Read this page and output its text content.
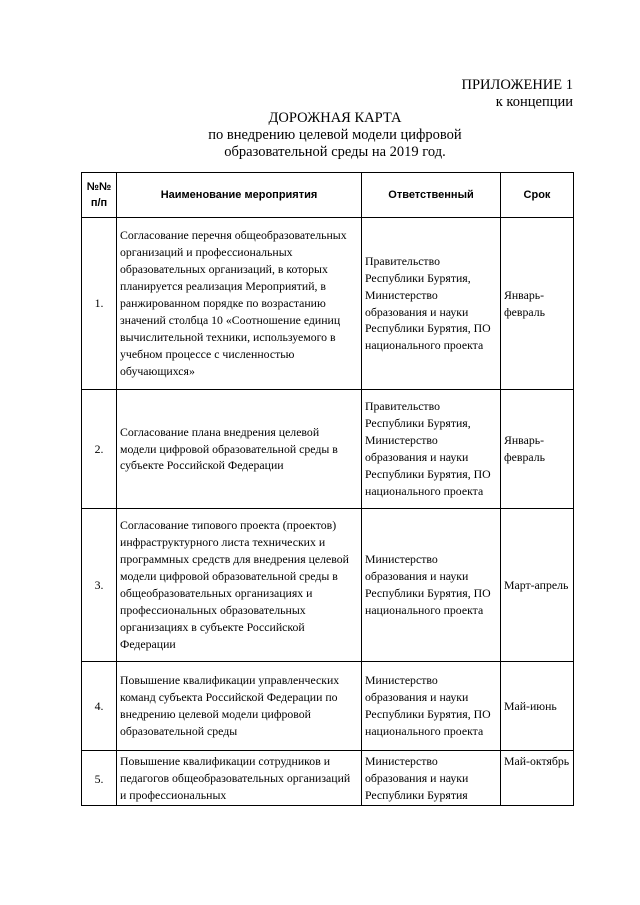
ПРИЛОЖЕНИЕ 1
к концепции
ДОРОЖНАЯ КАРТА
по внедрению целевой модели цифровой
образовательной среды на 2019 год.
№№ п/п	Наименование мероприятия	Ответственный	Срок
1.	Согласование перечня общеобразовательных организаций и профессиональных образовательных организаций, в которых планируется реализация Мероприятий, в ранжированном порядке по возрастанию значений столбца 10 «Соотношение единиц вычислительной техники, используемого в учебном процессе с численностью обучающихся»	Правительство Республики Бурятия, Министерство образования и науки Республики Бурятия, ПО национального проекта	Январь-февраль
2.	Согласование плана внедрения целевой модели цифровой образовательной среды в субъекте Российской Федерации	Правительство Республики Бурятия, Министерство образования и науки Республики Бурятия, ПО национального проекта	Январь-февраль
3.	Согласование типового проекта (проектов) инфраструктурного листа технических и программных средств для внедрения целевой модели цифровой образовательной среды в общеобразовательных организациях и профессиональных образовательных организациях в субъекте Российской Федерации	Министерство образования и науки Республики Бурятия, ПО национального проекта	Март-апрель
4.	Повышение квалификации управленческих команд субъекта Российской Федерации по внедрению целевой модели цифровой образовательной среды	Министерство образования и науки Республики Бурятия, ПО национального проекта	Май-июнь
5.	Повышение квалификации сотрудников и педагогов общеобразовательных организаций и профессиональных	Министерство образования и науки Республики Бурятия	Май-октябрь
